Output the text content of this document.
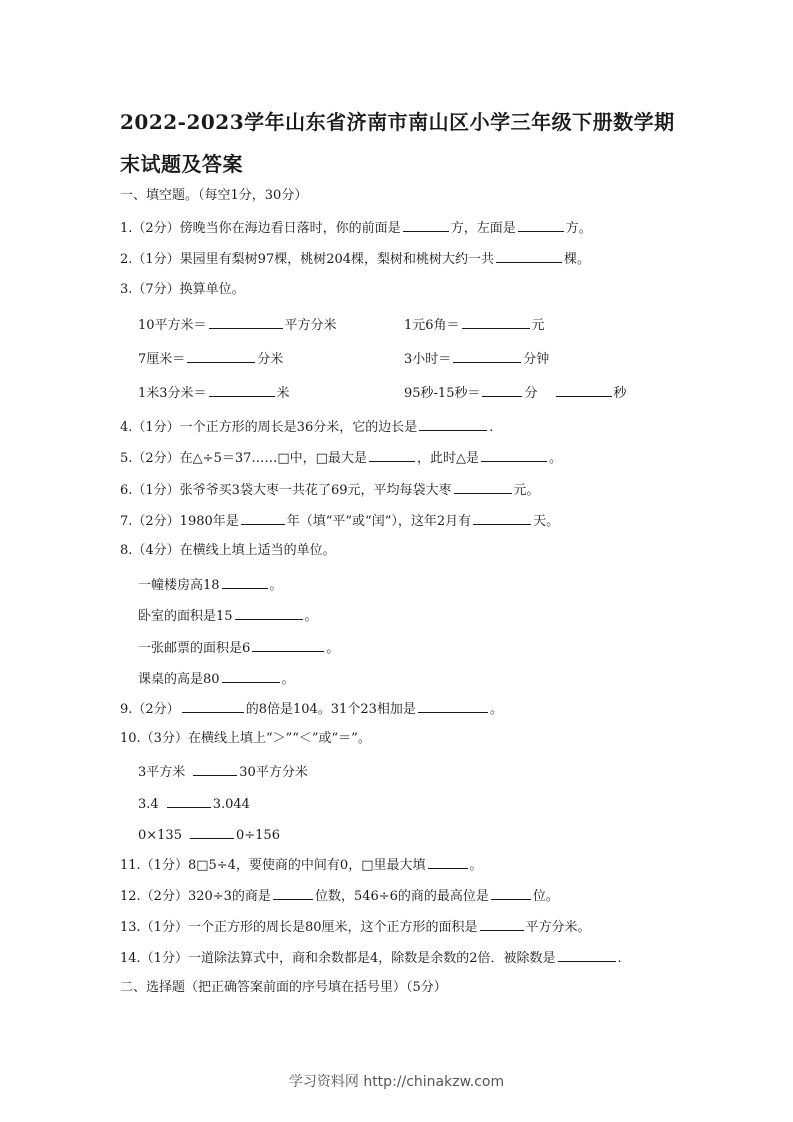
2022-2023学年山东省济南市南山区小学三年级下册数学期
末试题及答案
一、填空题。（每空1分，30分）
1.（2分）傍晚当你在海边看日落时，你的前面是	方，左面是	方。
2.（1分）果园里有梨树97棵，桃树204棵，梨树和桃树大约一共	棵。
3.（7分）换算单位。
10平方米＝	平方分米	1元6角＝	元
7厘米＝	分米	3小时＝	分钟
1米3分米＝	米	95秒-15秒＝	分	秒
4.（1分）一个正方形的周长是36分米，它的边长是	.
5.（2分）在△÷5＝37……□中，□最大是	，此时△是	。
6.（1分）张爷爷买3袋大枣一共花了69元，平均每袋大枣	元。
7.（2分）1980年是	年（填“平”或“闰”），这年2月有	天。
8.（4分）在横线上填上适当的单位。
一幢楼房高18	。
卧室的面积是15	。
一张邮票的面积是6	。
课桌的高是80	。
9.（2分）	的8倍是104。31个23相加是	。
10.（3分）在横线上填上“＞”“＜”或“＝”。
3平方米	30平方分米
3.4	3.044
0×135	0÷156
11.（1分）8□5÷4，要使商的中间有0，□里最大填	。
12.（2分）320÷3的商是	位数，546÷6的商的最高位是	位。
13.（1分）一个正方形的周长是80厘米，这个正方形的面积是	平方分米。
14.（1分）一道除法算式中，商和余数都是4，除数是余数的2倍．被除数是	.
二、选择题（把正确答案前面的序号填在括号里）（5分）
学习资料网 http://chinakzw.com
